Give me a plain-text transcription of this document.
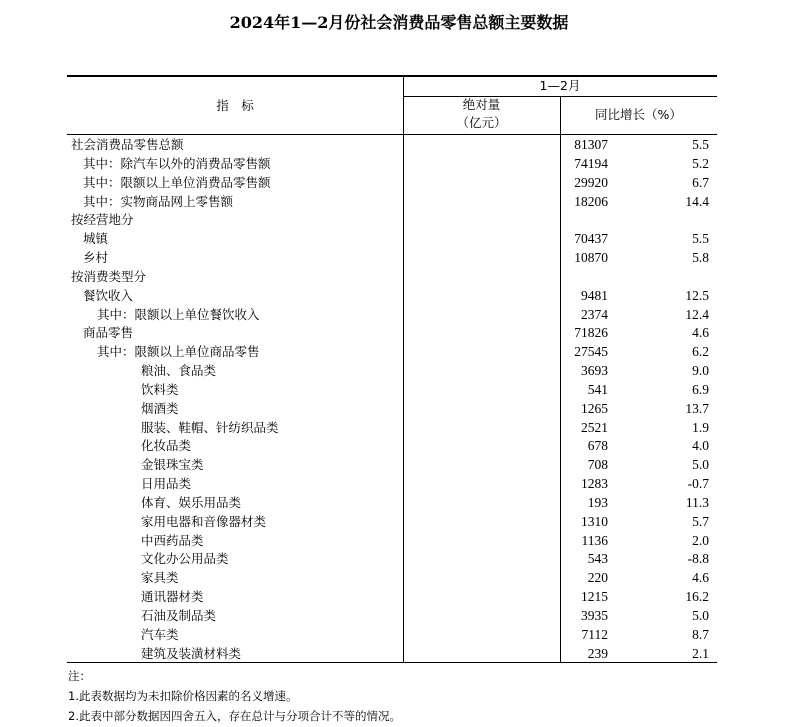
2024年1—2月份社会消费品零售总额主要数据
1—2月
指　标	绝对量
（亿元）
同比增长（%）
社会消费品零售总额	81307	5.5
其中：除汽车以外的消费品零售额	74194	5.2
其中：限额以上单位消费品零售额	29920	6.7
其中：实物商品网上零售额	18206	14.4
按经营地分
城镇	70437	5.5
乡村	10870	5.8
按消费类型分
餐饮收入	9481	12.5
其中：限额以上单位餐饮收入	2374	12.4
商品零售	71826	4.6
其中：限额以上单位商品零售	27545	6.2
粮油、食品类	3693	9.0
饮料类	541	6.9
烟酒类	1265	13.7
服装、鞋帽、针纺织品类	2521	1.9
化妆品类	678	4.0
金银珠宝类	708	5.0
日用品类	1283	-0.7
体育、娱乐用品类	193	11.3
家用电器和音像器材类	1310	5.7
中西药品类	1136	2.0
文化办公用品类	543	-8.8
家具类	220	4.6
通讯器材类	1215	16.2
石油及制品类	3935	5.0
汽车类	7112	8.7
建筑及装潢材料类	239	2.1
注：
1.此表数据均为未扣除价格因素的名义增速。
2.此表中部分数据因四舍五入，存在总计与分项合计不等的情况。
